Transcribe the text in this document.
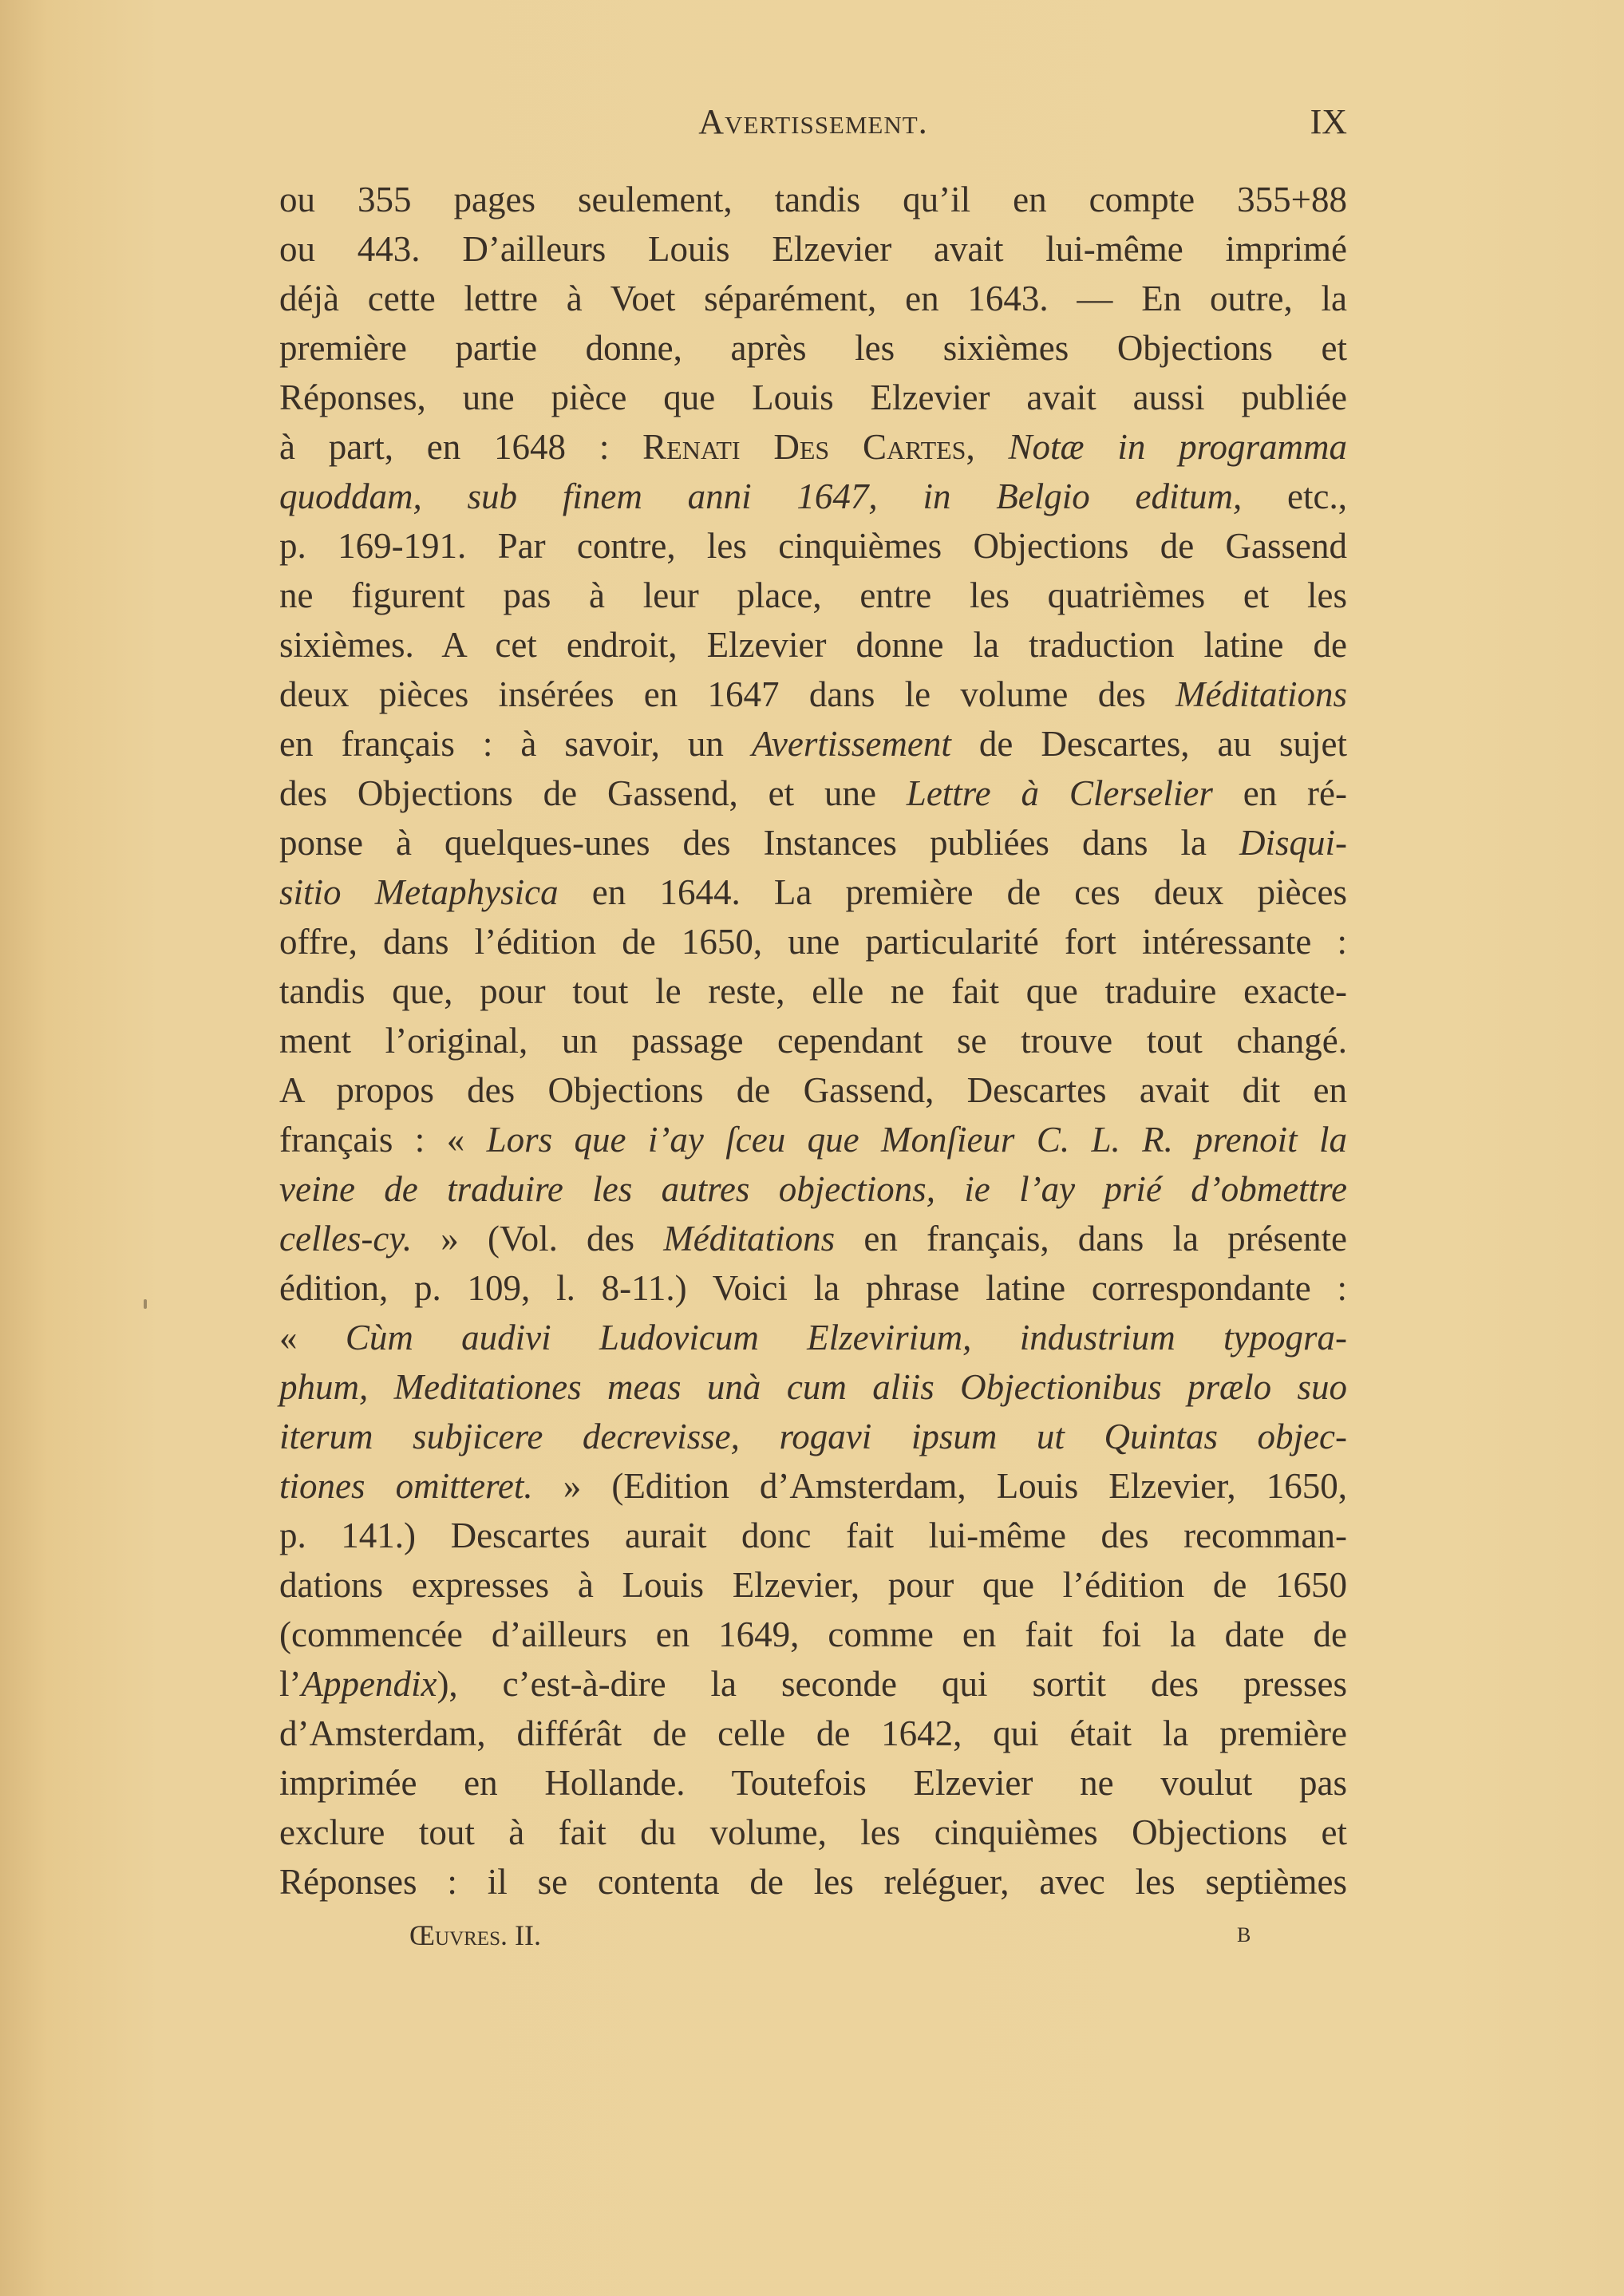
Avertissement.	IX
ou 355 pages seulement, tandis qu’il en compte 355+88
ou 443. D’ailleurs Louis Elzevier avait lui-même imprimé
déjà cette lettre à Voet séparément, en 1643. — En outre, la
première partie donne, après les sixièmes Objections et
Réponses, une pièce que Louis Elzevier avait aussi publiée
à part, en 1648 : Renati Des Cartes, Notæ in programma
quoddam, sub finem anni 1647, in Belgio editum, etc.,
p. 169-191. Par contre, les cinquièmes Objections de Gassend
ne figurent pas à leur place, entre les quatrièmes et les
sixièmes. A cet endroit, Elzevier donne la traduction latine de
deux pièces insérées en 1647 dans le volume des Méditations
en français : à savoir, un Avertissement de Descartes, au sujet
des Objections de Gassend, et une Lettre à Clerselier en ré-
ponse à quelques-unes des Instances publiées dans la Disqui-
sitio Metaphysica en 1644. La première de ces deux pièces
offre, dans l’édition de 1650, une particularité fort intéressante :
tandis que, pour tout le reste, elle ne fait que traduire exacte-
ment l’original, un passage cependant se trouve tout changé.
A propos des Objections de Gassend, Descartes avait dit en
français : « Lors que i’ay ſceu que Monſieur C. L. R. prenoit la
veine de traduire les autres objections, ie l’ay prié d’obmettre
celles-cy. » (Vol. des Méditations en français, dans la présente
édition, p. 109, l. 8-11.) Voici la phrase latine correspondante :
« Cùm audivi Ludovicum Elzevirium, industrium typogra-
phum, Meditationes meas unà cum aliis Objectionibus prælo suo
iterum subjicere decrevisse, rogavi ipsum ut Quintas objec-
tiones omitteret. » (Edition d’Amsterdam, Louis Elzevier, 1650,
p. 141.) Descartes aurait donc fait lui-même des recomman-
dations expresses à Louis Elzevier, pour que l’édition de 1650
(commencée d’ailleurs en 1649, comme en fait foi la date de
l’Appendix), c’est-à-dire la seconde qui sortit des presses
d’Amsterdam, différât de celle de 1642, qui était la première
imprimée en Hollande. Toutefois Elzevier ne voulut pas
exclure tout à fait du volume, les cinquièmes Objections et
Réponses : il se contenta de les reléguer, avec les septièmes
Œuvres. II.	B
